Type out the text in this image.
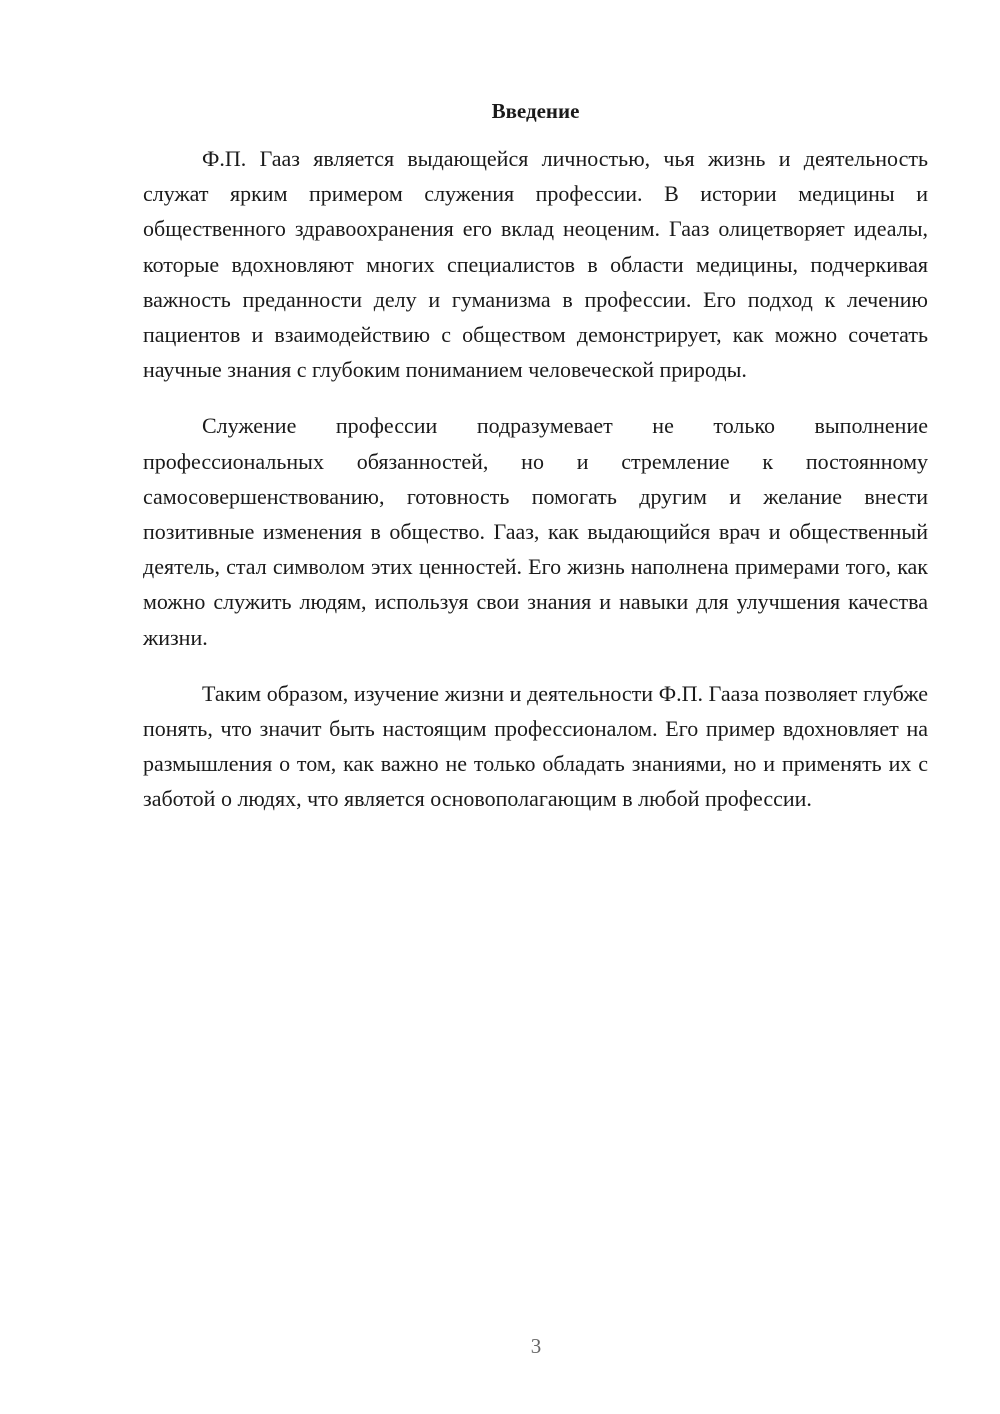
Введение

Ф.П. Гааз является выдающейся личностью, чья жизнь и деятельность служат ярким примером служения профессии. В истории медицины и общественного здравоохранения его вклад неоценим. Гааз олицетворяет идеалы, которые вдохновляют многих специалистов в области медицины, подчеркивая важность преданности делу и гуманизма в профессии. Его подход к лечению пациентов и взаимодействию с обществом демонстрирует, как можно сочетать научные знания с глубоким пониманием человеческой природы.

Служение профессии подразумевает не только выполнение профессиональных обязанностей, но и стремление к постоянному самосовершенствованию, готовность помогать другим и желание внести позитивные изменения в общество. Гааз, как выдающийся врач и общественный деятель, стал символом этих ценностей. Его жизнь наполнена примерами того, как можно служить людям, используя свои знания и навыки для улучшения качества жизни.

Таким образом, изучение жизни и деятельности Ф.П. Гааза позволяет глубже понять, что значит быть настоящим профессионалом. Его пример вдохновляет на размышления о том, как важно не только обладать знаниями, но и применять их с заботой о людях, что является основополагающим в любой профессии.

3
